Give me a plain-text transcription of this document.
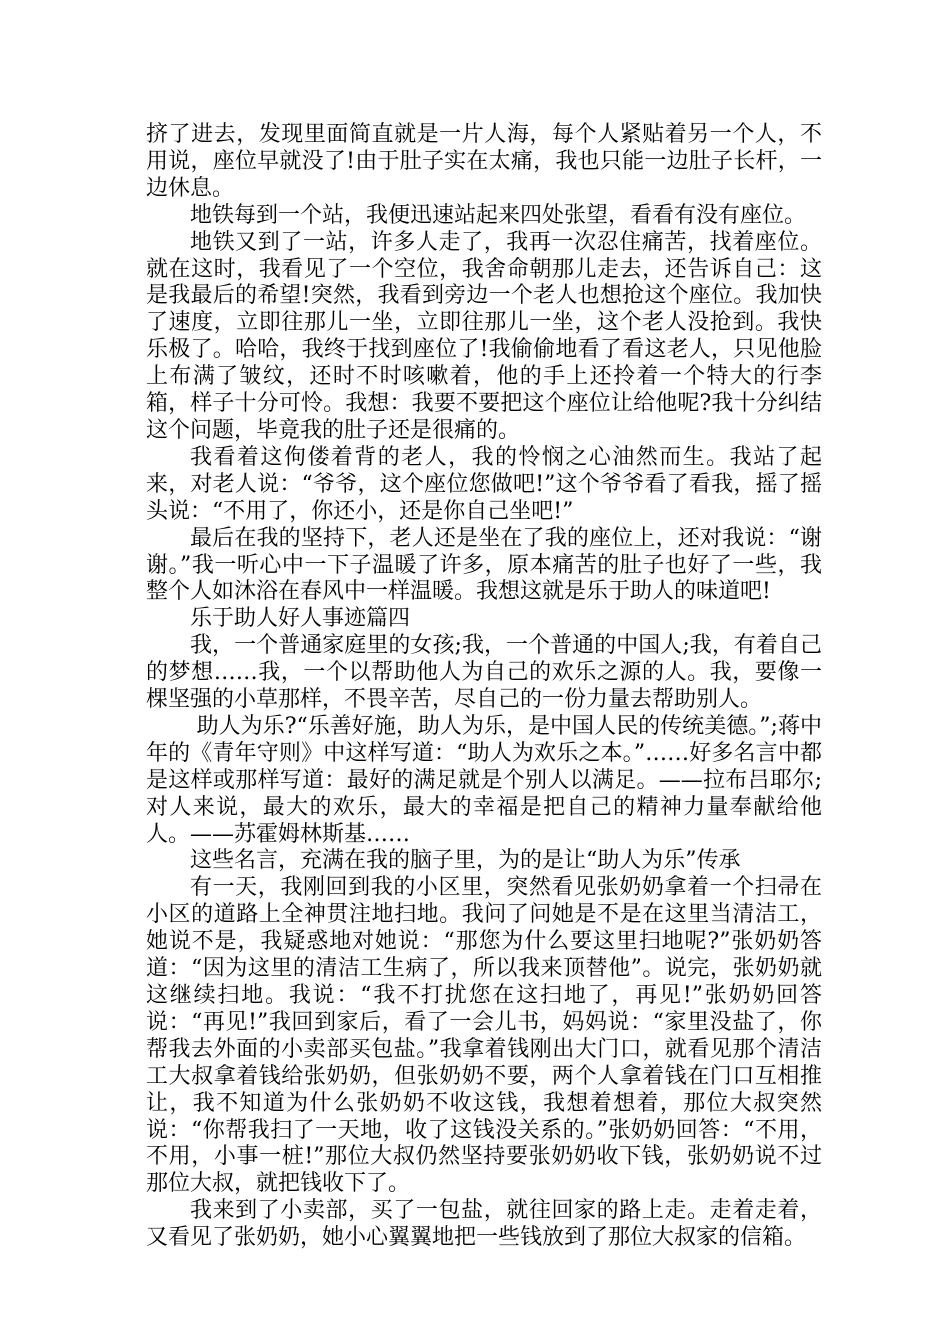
挤了进去，发现里面简直就是一片人海，每个人紧贴着另一个人，不用说，座位早就没了!由于肚子实在太痛，我也只能一边肚子长杆，一边休息。

地铁每到一个站，我便迅速站起来四处张望，看看有没有座位。

地铁又到了一站，许多人走了，我再一次忍住痛苦，找着座位。就在这时，我看见了一个空位，我舍命朝那儿走去，还告诉自己：这是我最后的希望!突然，我看到旁边一个老人也想抢这个座位。我加快了速度，立即往那儿一坐，立即往那儿一坐，这个老人没抢到。我快乐极了。哈哈，我终于找到座位了!我偷偷地看了看这老人，只见他脸上布满了皱纹，还时不时咳嗽着，他的手上还拎着一个特大的行李箱，样子十分可怜。我想：我要不要把这个座位让给他呢?我十分纠结这个问题，毕竟我的肚子还是很痛的。

我看着这佝偻着背的老人，我的怜悯之心油然而生。我站了起来，对老人说：“爷爷，这个座位您做吧!”这个爷爷看了看我，摇了摇头说：“不用了，你还小，还是你自己坐吧!”

最后在我的坚持下，老人还是坐在了我的座位上，还对我说：“谢谢。”我一听心中一下子温暖了许多，原本痛苦的肚子也好了一些，我整个人如沐浴在春风中一样温暖。我想这就是乐于助人的味道吧!

乐于助人好人事迹篇四

我，一个普通家庭里的女孩;我，一个普通的中国人;我，有着自己的梦想……我，一个以帮助他人为自己的欢乐之源的人。我，要像一棵坚强的小草那样，不畏辛苦，尽自己的一份力量去帮助别人。

助人为乐?“乐善好施，助人为乐，是中国人民的传统美德。”;蒋中年的《青年守则》中这样写道：“助人为欢乐之本。”……好多名言中都是这样或那样写道：最好的满足就是个别人以满足。——拉布吕耶尔;对人来说，最大的欢乐，最大的幸福是把自己的精神力量奉献给他人。——苏霍姆林斯基……

这些名言，充满在我的脑子里，为的是让“助人为乐”传承

有一天，我刚回到我的小区里，突然看见张奶奶拿着一个扫帚在小区的道路上全神贯注地扫地。我问了问她是不是在这里当清洁工，她说不是，我疑惑地对她说：“那您为什么要这里扫地呢?”张奶奶答道：“因为这里的清洁工生病了，所以我来顶替他”。说完，张奶奶就这继续扫地。我说：“我不打扰您在这扫地了，再见!”张奶奶回答说：“再见!”我回到家后，看了一会儿书，妈妈说：“家里没盐了，你帮我去外面的小卖部买包盐。”我拿着钱刚出大门口，就看见那个清洁工大叔拿着钱给张奶奶，但张奶奶不要，两个人拿着钱在门口互相推让，我不知道为什么张奶奶不收这钱，我想着想着，那位大叔突然说：“你帮我扫了一天地，收了这钱没关系的。”张奶奶回答：“不用，不用，小事一桩!”那位大叔仍然坚持要张奶奶收下钱，张奶奶说不过那位大叔，就把钱收下了。

我来到了小卖部，买了一包盐，就往回家的路上走。走着走着，又看见了张奶奶，她小心翼翼地把一些钱放到了那位大叔家的信箱。
